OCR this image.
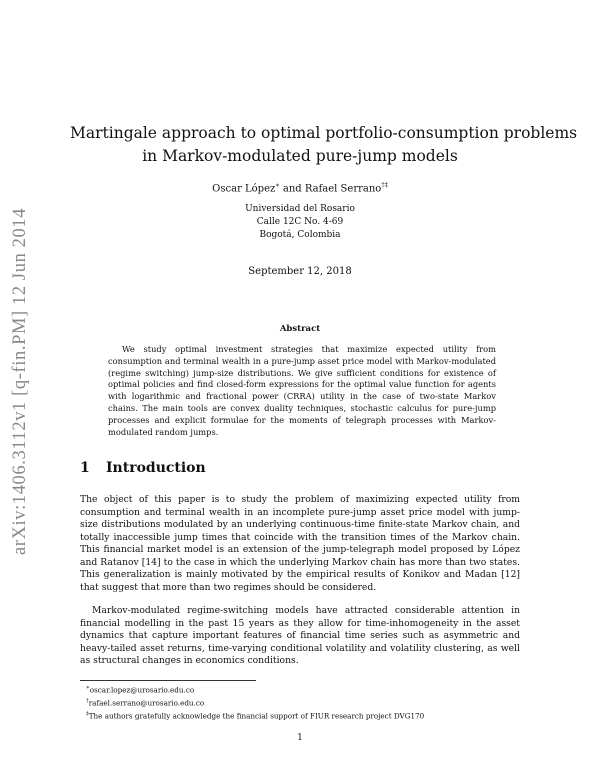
arXiv:1406.3112v1 [q-fin.PM] 12 Jun 2014
Martingale approach to optimal portfolio-consumption problems
in Markov-modulated pure-jump models
Oscar López∗ and Rafael Serrano†‡
Universidad del Rosario
Calle 12C No. 4-69
Bogotá, Colombia
September 12, 2018
Abstract
We study optimal investment strategies that maximize expected utility from consumption and terminal wealth in a pure-jump asset price model with Markov-modulated (regime switching) jump-size distributions. We give sufficient conditions for existence of optimal policies and find closed-form expressions for the optimal value function for agents with logarithmic and fractional power (CRRA) utility in the case of two-state Markov chains. The main tools are convex duality techniques, stochastic calculus for pure-jump processes and explicit formulae for the moments of telegraph processes with Markov-modulated random jumps.
1 Introduction
The object of this paper is to study the problem of maximizing expected utility from consumption and terminal wealth in an incomplete pure-jump asset price model with jump-size distributions modulated by an underlying continuous-time finite-state Markov chain, and totally inaccessible jump times that coincide with the transition times of the Markov chain. This financial market model is an extension of the jump-telegraph model proposed by López and Ratanov [14] to the case in which the underlying Markov chain has more than two states. This generalization is mainly motivated by the empirical results of Konikov and Madan [12] that suggest that more than two regimes should be considered.
Markov-modulated regime-switching models have attracted considerable attention in financial modelling in the past 15 years as they allow for time-inhomogeneity in the asset dynamics that capture important features of financial time series such as asymmetric and heavy-tailed asset returns, time-varying conditional volatility and volatility clustering, as well as structural changes in economics conditions.
∗oscar.lopez@urosario.edu.co
†rafael.serrano@urosario.edu.co
‡The authors gratefully acknowledge the financial support of FIUR research project DVG170
1
